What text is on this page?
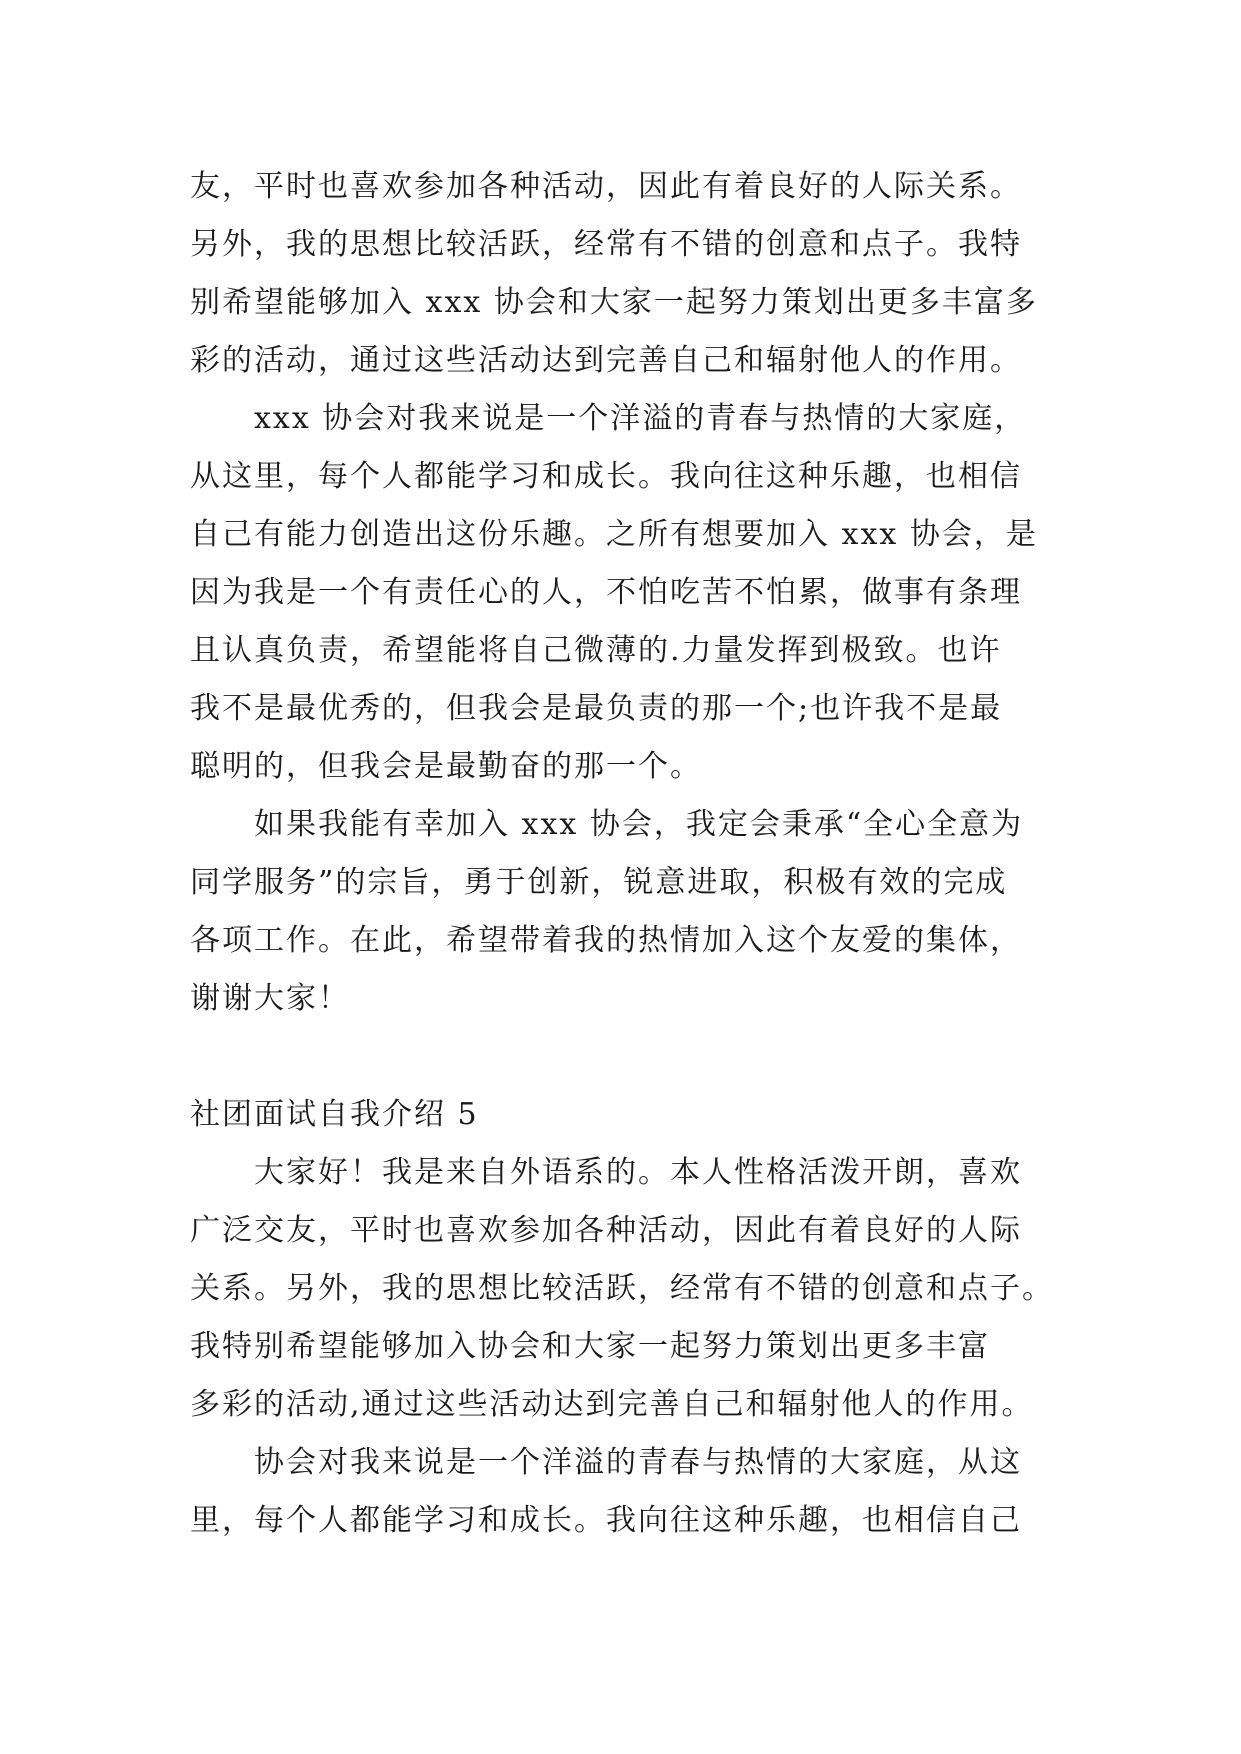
友，平时也喜欢参加各种活动，因此有着良好的人际关系。
另外，我的思想比较活跃，经常有不错的创意和点子。我特
别希望能够加入 xxx 协会和大家一起努力策划出更多丰富多
彩的活动，通过这些活动达到完善自己和辐射他人的作用。
xxx 协会对我来说是一个洋溢的青春与热情的大家庭，
从这里，每个人都能学习和成长。我向往这种乐趣，也相信
自己有能力创造出这份乐趣。之所有想要加入 xxx 协会，是
因为我是一个有责任心的人，不怕吃苦不怕累，做事有条理
且认真负责，希望能将自己微薄的.力量发挥到极致。也许
我不是最优秀的，但我会是最负责的那一个;也许我不是最
聪明的，但我会是最勤奋的那一个。
如果我能有幸加入 xxx 协会，我定会秉承“全心全意为
同学服务”的宗旨，勇于创新，锐意进取，积极有效的完成
各项工作。在此，希望带着我的热情加入这个友爱的集体，
谢谢大家！
社团面试自我介绍 5
大家好！我是来自外语系的。本人性格活泼开朗，喜欢
广泛交友，平时也喜欢参加各种活动，因此有着良好的人际
关系。另外，我的思想比较活跃，经常有不错的创意和点子。
我特别希望能够加入协会和大家一起努力策划出更多丰富
多彩的活动,通过这些活动达到完善自己和辐射他人的作用。
协会对我来说是一个洋溢的青春与热情的大家庭，从这
里，每个人都能学习和成长。我向往这种乐趣，也相信自己
